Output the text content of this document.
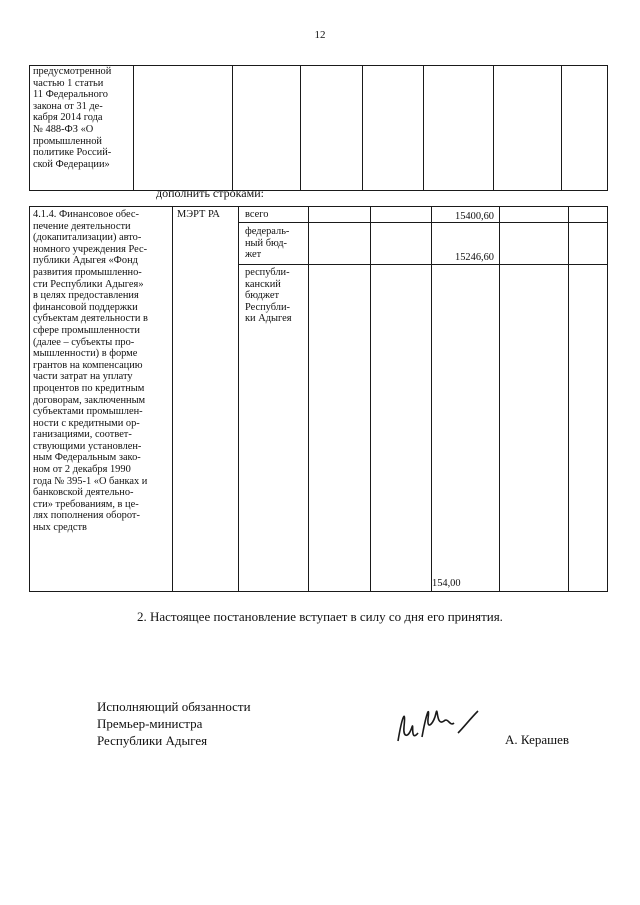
12
предусмотренной
частью 1 статьи
11 Федерального
закона от 31 де-
кабря 2014 года
№ 488-ФЗ «О
промышленной
политике Россий-
ской Федерации»
дополнить строками:
4.1.4. Финансовое обес-
печение деятельности
(докапитализации) авто-
номного учреждения Рес-
публики Адыгея «Фонд
развития промышленно-
сти Республики Адыгея»
в целях предоставления
финансовой поддержки
субъектам деятельности в
сфере промышленности
(далее – субъекты про-
мышленности) в форме
грантов на компенсацию
части затрат на уплату
процентов по кредитным
договорам, заключенным
субъектами промышлен-
ности с кредитными ор-
ганизациями, соответ-
ствующими установлен-
ным Федеральным зако-
ном от 2 декабря 1990
года № 395-1 «О банках и
банковской деятельно-
сти» требованиям, в це-
лях пополнения оборот-
ных средств
МЭРТ РА всего
федераль-
ный бюд-
жет
республи-
канский
бюджет
Республи-
ки Адыгея
15400,60
15246,60
154,00
2. Настоящее постановление вступает в силу со дня его принятия.
Исполняющий обязанности
Премьер-министра
Республики Адыгея	А. Керашев
